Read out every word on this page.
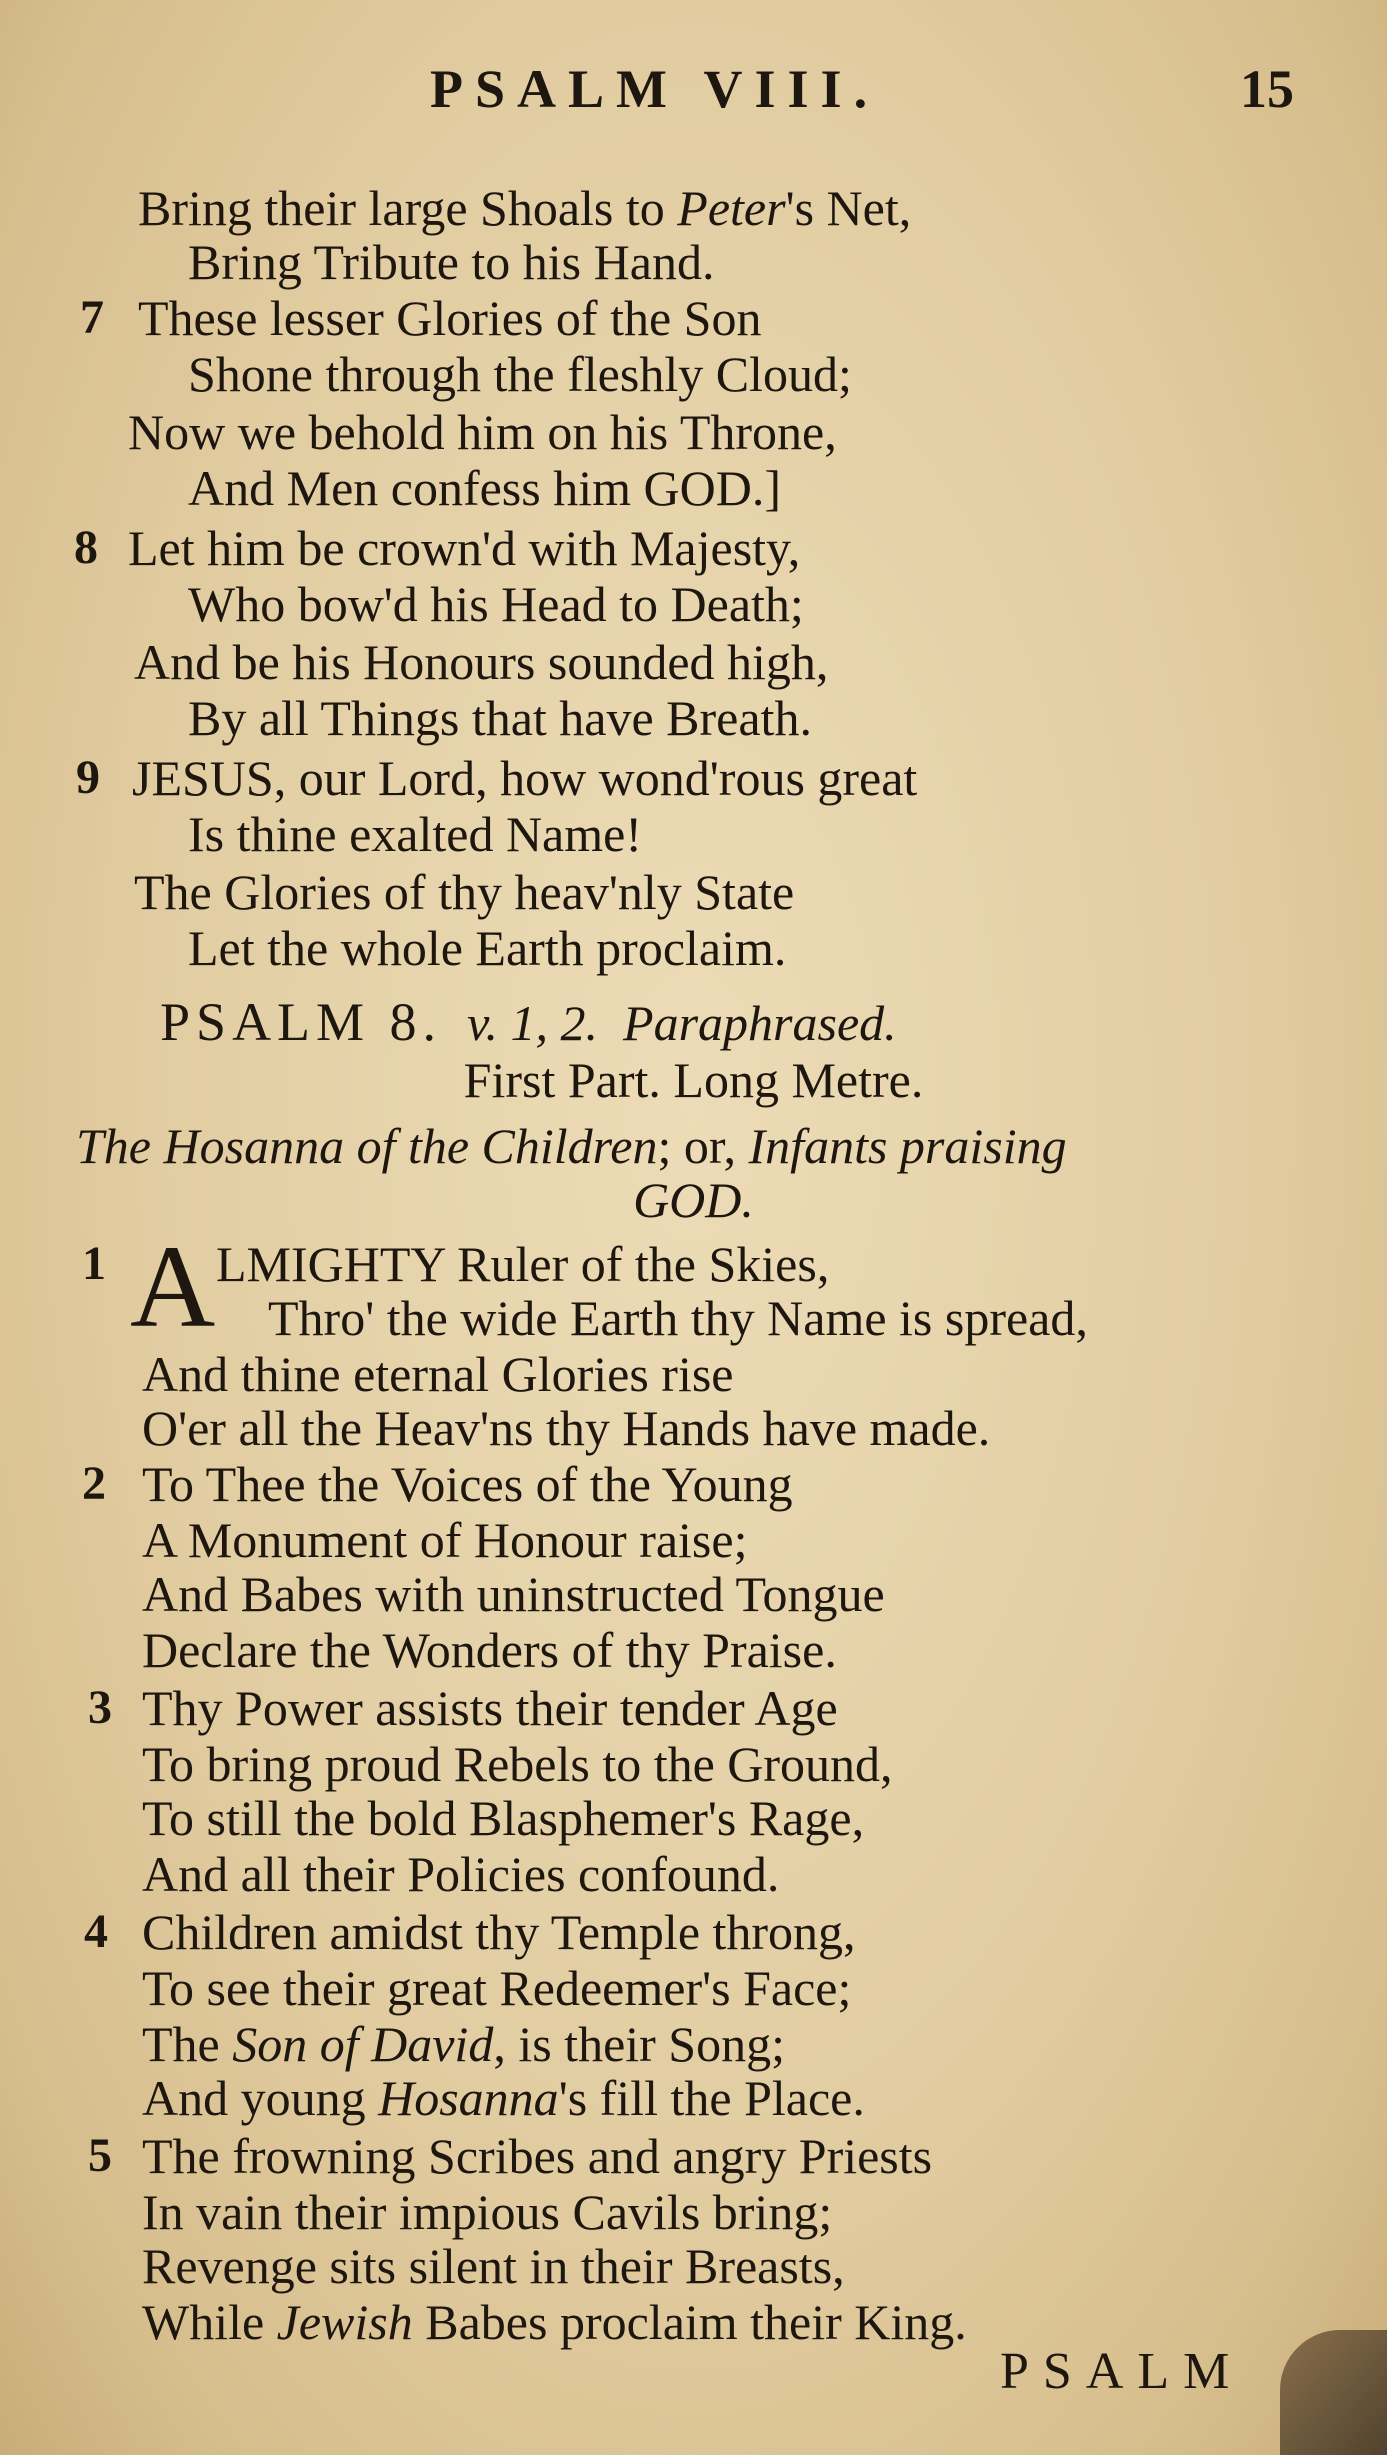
PSALM VIII.	15
Bring their large Shoals to Peter's Net,
Bring Tribute to his Hand.
7 These lesser Glories of the Son
Shone through the fleshly Cloud;
Now we behold him on his Throne,
And Men confess him GOD.]
8 Let him be crown'd with Majesty,
Who bow'd his Head to Death;
And be his Honours sounded high,
By all Things that have Breath.
9 JESUS, our Lord, how wond'rous great
Is thine exalted Name!
The Glories of thy heav'nly State
Let the whole Earth proclaim.
PSALM 8. v. 1, 2. Paraphrased.
First Part. Long Metre.
The Hosanna of the Children; or, Infants praising
GOD.
1 A LMIGHTY Ruler of the Skies,
Thro' the wide Earth thy Name is spread,
And thine eternal Glories rise
O'er all the Heav'ns thy Hands have made.
2 To Thee the Voices of the Young
A Monument of Honour raise;
And Babes with uninstructed Tongue
Declare the Wonders of thy Praise.
3 Thy Power assists their tender Age
To bring proud Rebels to the Ground,
To still the bold Blasphemer's Rage,
And all their Policies confound.
4 Children amidst thy Temple throng,
To see their great Redeemer's Face;
The Son of David, is their Song;
And young Hosanna's fill the Place.
5 The frowning Scribes and angry Priests
In vain their impious Cavils bring;
Revenge sits silent in their Breasts,
While Jewish Babes proclaim their King.
PSALM
